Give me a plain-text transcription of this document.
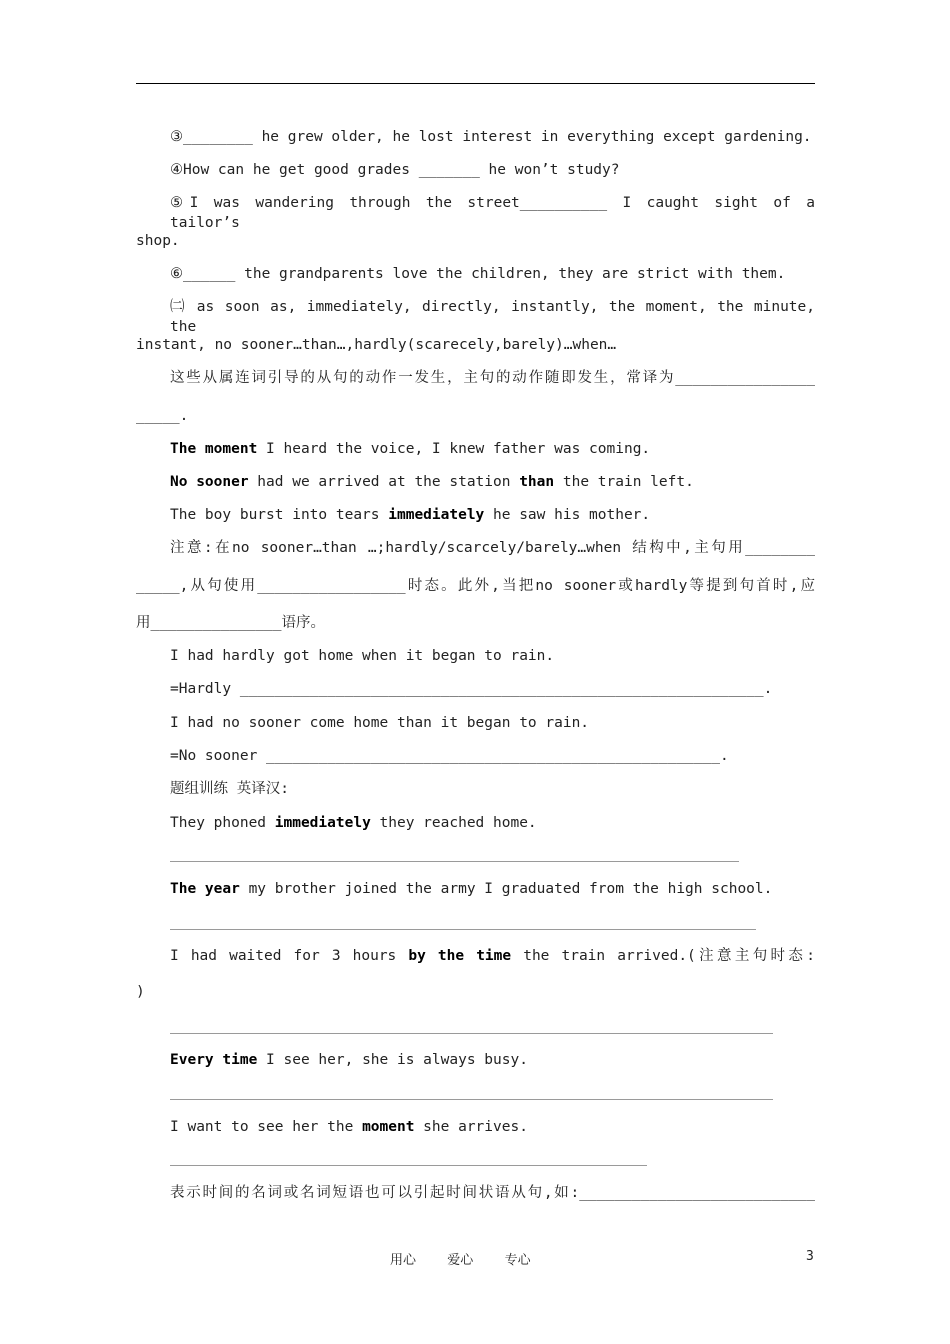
③________ he grew older, he lost interest in everything except gardening.

④How can he get good grades _______ he won’t study?

⑤I was wandering through the street__________ I caught sight of a tailor’s

shop.

⑥______ the grandparents love the children, they are strict with them.

㈡ as soon as, immediately, directly, instantly, the moment, the minute, the

instant, no sooner…than…,hardly(scarecely,barely)…when…

这些从属连词引导的从句的动作一发生，主句的动作随即发生，常译为________________

_____.

The moment I heard the voice, I knew father was coming.

No sooner had we arrived at the station than the train left.

The boy burst into tears immediately he saw his mother.

注意:在no sooner…than …;hardly/scarcely/barely…when 结构中,主句用________

_____,从句使用_________________时态。此外,当把no sooner或hardly等提到句首时,应

用_______________语序。

I had hardly got home when it began to rain.

=Hardly ____________________________________________________________.

I had no sooner come home than it began to rain.

=No sooner ____________________________________________________.

题组训练 英译汉:

They phoned immediately they reached home.

The year my brother joined the army I graduated from the high school.

I had waited for 3 hours by the time the train arrived.(注意主句时态:

)

Every time I see her, she is always busy.

I want to see her the moment she arrives.

表示时间的名词或名词短语也可以引起时间状语从句,如:___________________________

用心    爱心    专心	3
